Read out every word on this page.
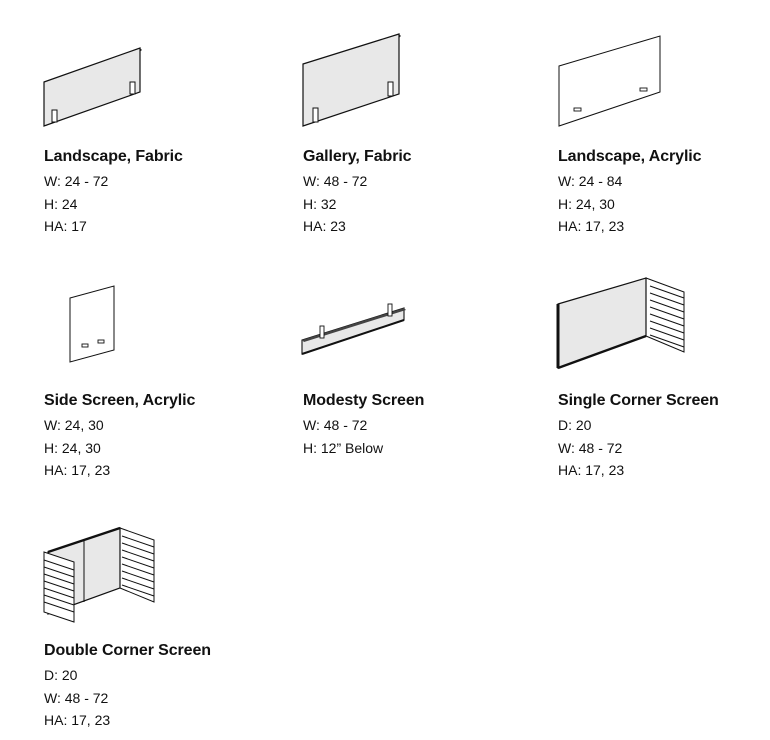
Landscape, Fabric
W: 24 - 72
H: 24
HA: 17
Gallery, Fabric
W: 48 - 72
H: 32
HA: 23
Landscape, Acrylic
W: 24 - 84
H: 24, 30
HA: 17, 23
Side Screen, Acrylic
W: 24, 30
H: 24, 30
HA: 17, 23
Modesty Screen
W: 48 - 72
H: 12” Below
Single Corner Screen
D: 20
W: 48 - 72
HA: 17, 23
Double Corner Screen
D: 20
W: 48 - 72
HA: 17, 23
